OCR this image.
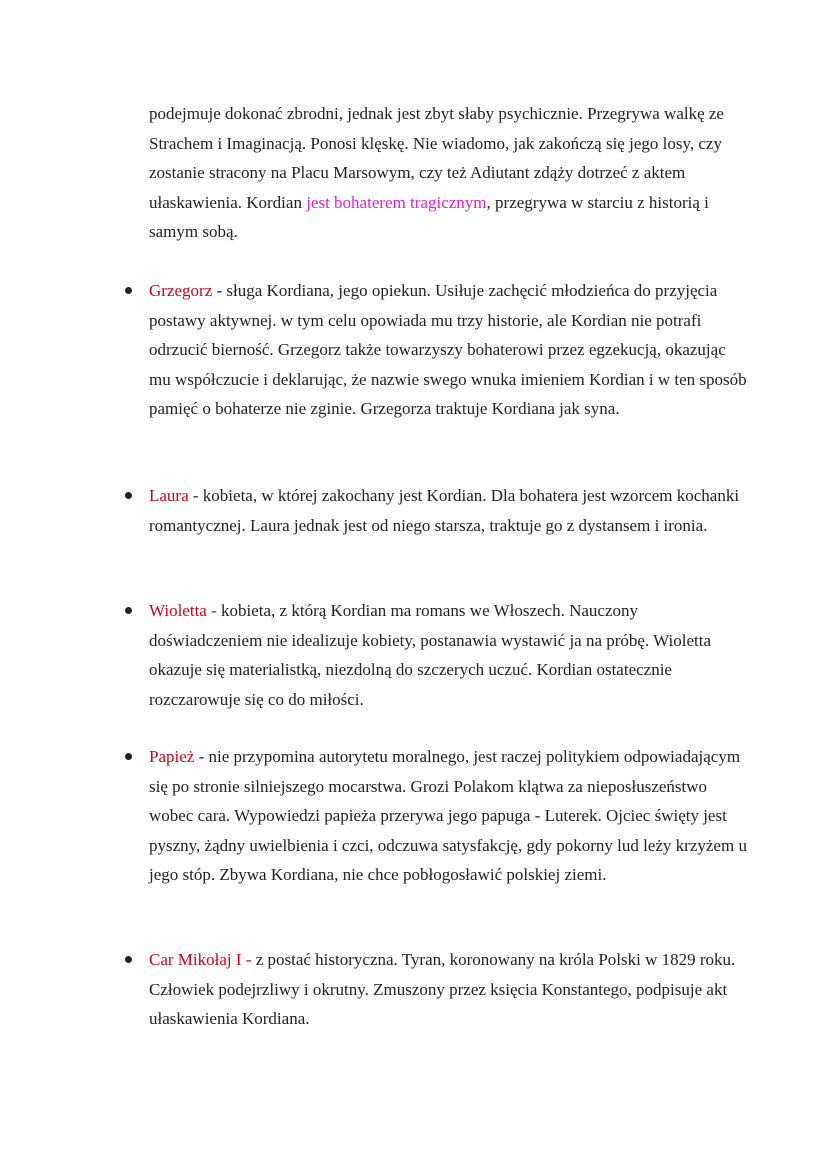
podejmuje dokonać zbrodni, jednak jest zbyt słaby psychicznie. Przegrywa walkę ze Strachem i Imaginacją. Ponosi klęskę. Nie wiadomo, jak zakończą się jego losy, czy zostanie stracony na Placu Marsowym, czy też Adiutant zdąży dotrzeć z aktem ułaskawienia. Kordian jest bohaterem tragicznym, przegrywa w starciu z historią i samym sobą.

Grzegorz - sługa Kordiana, jego opiekun. Usiłuje zachęcić młodzieńca do przyjęcia postawy aktywnej. w tym celu opowiada mu trzy historie, ale Kordian nie potrafi odrzucić bierność. Grzegorz także towarzyszy bohaterowi przez egzekucją, okazując mu współczucie i deklarując, że nazwie swego wnuka imieniem Kordian i w ten sposób pamięć o bohaterze nie zginie. Grzegorza traktuje Kordiana jak syna.

Laura - kobieta, w której zakochany jest Kordian. Dla bohatera jest wzorcem kochanki romantycznej. Laura jednak jest od niego starsza, traktuje go z dystansem i ironia.

Wioletta - kobieta, z którą Kordian ma romans we Włoszech. Nauczony doświadczeniem nie idealizuje kobiety, postanawia wystawić ja na próbę. Wioletta okazuje się materialistką, niezdolną do szczerych uczuć. Kordian ostatecznie rozczarowuje się co do miłości.

Papież - nie przypomina autorytetu moralnego, jest raczej politykiem odpowiadającym się po stronie silniejszego mocarstwa. Grozi Polakom klątwa za nieposłuszeństwo wobec cara. Wypowiedzi papieża przerywa jego papuga - Luterek. Ojciec święty jest pyszny, żądny uwielbienia i czci, odczuwa satysfakcję, gdy pokorny lud leży krzyżem u jego stóp. Zbywa Kordiana, nie chce pobłogosławić polskiej ziemi.

Car Mikołaj I - z postać historyczna. Tyran, koronowany na króla Polski w 1829 roku. Człowiek podejrzliwy i okrutny. Zmuszony przez księcia Konstantego, podpisuje akt ułaskawienia Kordiana.
